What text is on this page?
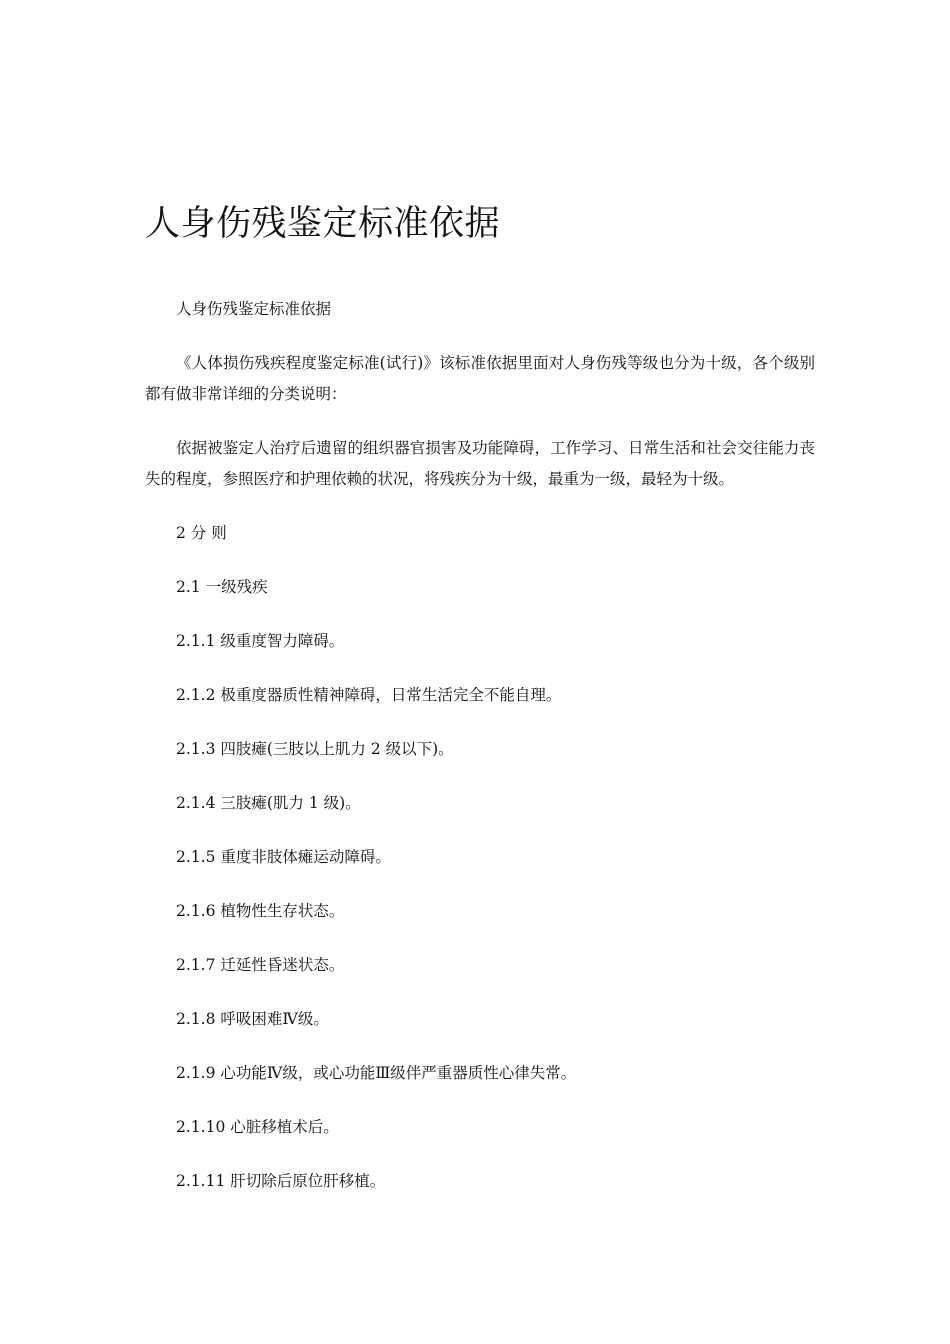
人身伤残鉴定标准依据

人身伤残鉴定标准依据

《人体损伤残疾程度鉴定标准(试行)》该标准依据里面对人身伤残等级也分为十级，各个级别都有做非常详细的分类说明：

依据被鉴定人治疗后遗留的组织器官损害及功能障碍，工作学习、日常生活和社会交往能力丧失的程度，参照医疗和护理依赖的状况，将残疾分为十级，最重为一级，最轻为十级。

2 分 则

2.1 一级残疾

2.1.1 级重度智力障碍。

2.1.2 极重度器质性精神障碍，日常生活完全不能自理。

2.1.3 四肢瘫(三肢以上肌力 2 级以下)。

2.1.4 三肢瘫(肌力 1 级)。

2.1.5 重度非肢体瘫运动障碍。

2.1.6 植物性生存状态。

2.1.7 迁延性昏迷状态。

2.1.8 呼吸困难Ⅳ级。

2.1.9 心功能Ⅳ级，或心功能Ⅲ级伴严重器质性心律失常。

2.1.10 心脏移植术后。

2.1.11 肝切除后原位肝移植。
